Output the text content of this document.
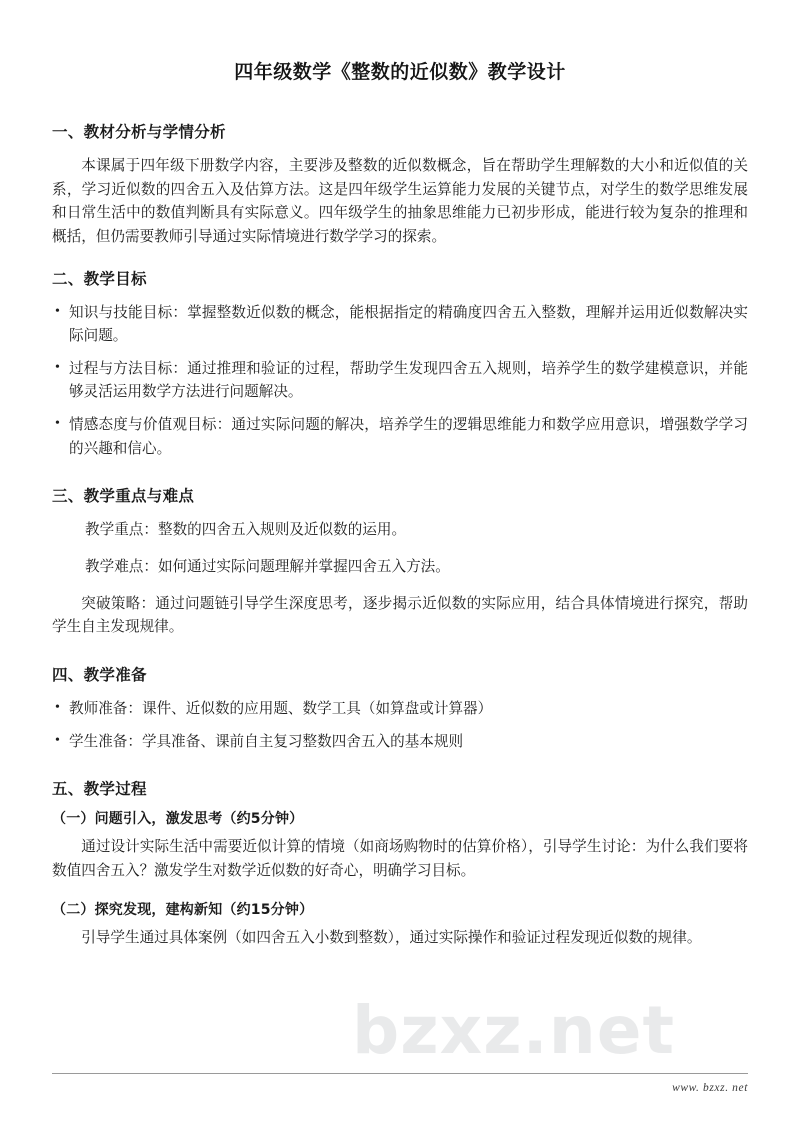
bzxz.net
四年级数学《整数的近似数》教学设计
一、教材分析与学情分析

本课属于四年级下册数学内容，主要涉及整数的近似数概念，旨在帮助学生理解数的大小和近似值的关系，学习近似数的四舍五入及估算方法。这是四年级学生运算能力发展的关键节点，对学生的数学思维发展和日常生活中的数值判断具有实际意义。四年级学生的抽象思维能力已初步形成，能进行较为复杂的推理和概括，但仍需要教师引导通过实际情境进行数学学习的探索。

二、教学目标
• 知识与技能目标：掌握整数近似数的概念，能根据指定的精确度四舍五入整数，理解并运用近似数解决实际问题。
• 过程与方法目标：通过推理和验证的过程，帮助学生发现四舍五入规则，培养学生的数学建模意识，并能够灵活运用数学方法进行问题解决。
• 情感态度与价值观目标：通过实际问题的解决，培养学生的逻辑思维能力和数学应用意识，增强数学学习的兴趣和信心。
三、教学重点与难点

教学重点：整数的四舍五入规则及近似数的运用。

教学难点：如何通过实际问题理解并掌握四舍五入方法。

突破策略：通过问题链引导学生深度思考，逐步揭示近似数的实际应用，结合具体情境进行探究，帮助学生自主发现规律。

四、教学准备
• 教师准备：课件、近似数的应用题、数学工具（如算盘或计算器）
• 学生准备：学具准备、课前自主复习整数四舍五入的基本规则
五、教学过程
（一）问题引入，激发思考（约5分钟）

通过设计实际生活中需要近似计算的情境（如商场购物时的估算价格），引导学生讨论：为什么我们要将数值四舍五入？激发学生对数学近似数的好奇心，明确学习目标。

（二）探究发现，建构新知（约15分钟）

引导学生通过具体案例（如四舍五入小数到整数），通过实际操作和验证过程发现近似数的规律。

www. bzxz. net
